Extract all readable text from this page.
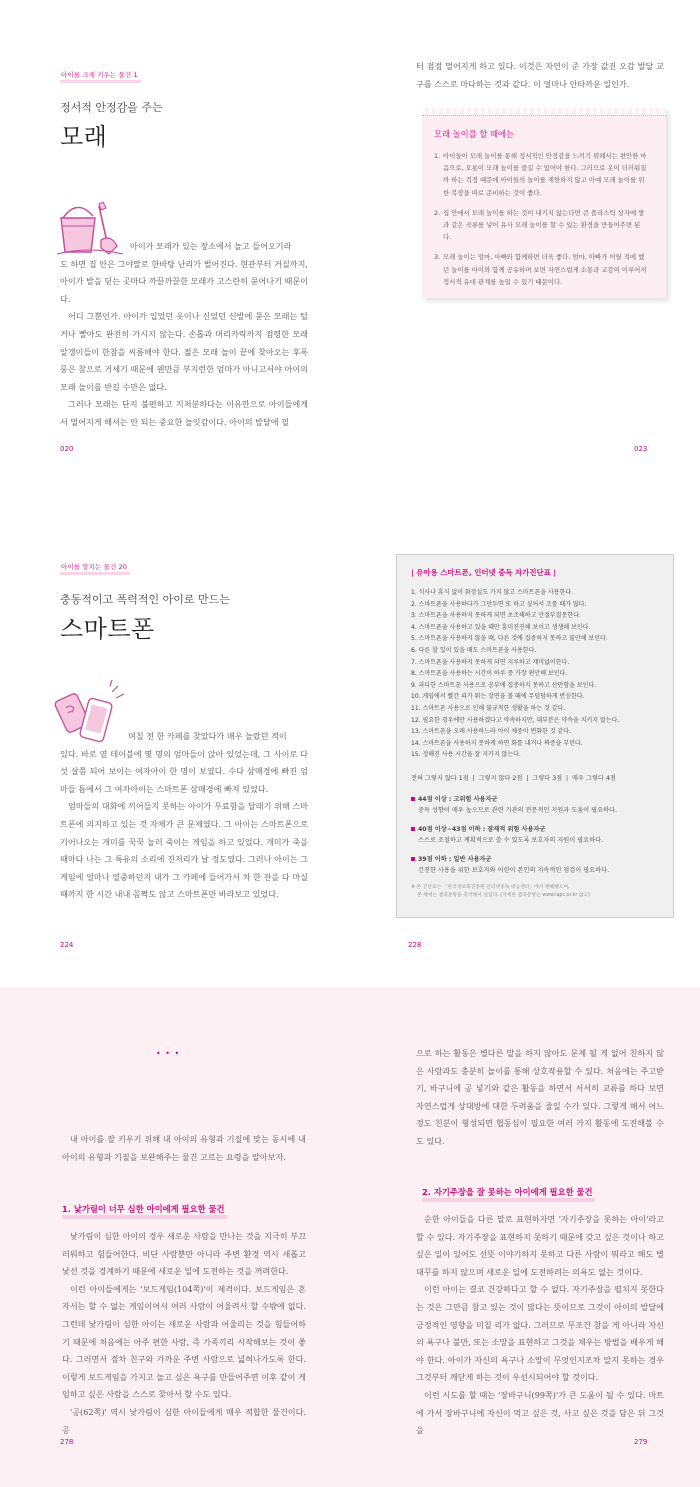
아이를 크게 키우는 물건 1
정서적 안정감을 주는
모래
아이가 모래가 있는 장소에서 놀고 들어오기라
도 하면 집 안은 그야말로 한바탕 난리가 벌어진다. 현관부터 거실까지, 아이가 발을 딛는 곳마다 까끌까끌한 모래가 고스란히 묻어나기 때문이다.

어디 그뿐인가. 아이가 입었던 옷이나 신었던 신발에 묻은 모래는 털거나 빨아도 완전히 가시지 않는다. 손톱과 머리카락까지 점령한 모래 알갱이들이 한참을 씨름해야 한다. 젊은 모래 놀이 끝에 찾아오는 후폭풍은 참으로 거세기 때문에 웬만큼 부지런한 엄마가 아니고서야 아이의 모래 놀이를 반길 수만은 없다.

그러나 모래는 단지 불편하고 지저분하다는 이유만으로 아이들에게서 멀어지게 해서는 안 되는 중요한 놀잇감이다. 아이의 발달에 필

020
터 점점 멀어지게 하고 있다. 이것은 자연이 준 가장 값진 오감 발달 교구를 스스로 마다하는 것과 같다. 이 얼마나 안타까운 일인가.
모래 놀이를 할 때에는
1. 아이들이 모래 놀이를 통해 정서적인 안정감을 느끼기 위해서는 편안한 마음으로, 오롯이 모래 놀이를 즐길 수 있어야 한다. 그러므로 옷이 더러워질까 하는 걱정 때문에 아이들의 놀이를 제한하지 않고 아예 모래 놀이를 위한 복장을 따로 준비하는 것이 좋다.
2. 집 안에서 모래 놀이를 하는 것이 내키지 않는다면 큰 플라스틱 상자에 쌀과 같은 곡류를 넣어 유사 모래 놀이를 할 수 있는 환경을 만들어주면 된다.
3. 모래 놀이는 엄마, 아빠와 함께하면 더욱 좋다. 엄마, 아빠가 어릴 적에 했던 놀이를 아이와 함께 공유하며 보면 자연스럽게 소통과 교감이 이루어져 정서적 유대 관계를 높일 수 있기 때문이다.
023
아이를 망치는 물건 20
충동적이고 폭력적인 아이로 만드는
스마트폰
며칠 전 한 카페를 찾았다가 매우 놀랐던 적이
있다. 바로 옆 테이블에 몇 명의 엄마들이 앉아 있었는데, 그 사이로 다섯 살쯤 되어 보이는 여자아이 한 명이 보였다. 수다 삼매경에 빠진 엄마들 틈에서 그 여자아이는 스마트폰 삼매경에 빠져 있었다.

엄마들의 대화에 끼어들지 못하는 아이가 무료함을 달래기 위해 스마트폰에 의지하고 있는 것 자체가 큰 문제였다. 그 아이는 스마트폰으로 기어나오는 개미를 꾹꾹 눌러 죽이는 게임을 하고 있었다. 개미가 죽을 때마다 나는 그 특유의 소리에 진저리가 날 정도였다. 그러나 아이는 그 게임에 얼마나 열중하던지 내가 그 카페에 들어가서 차 한 잔을 다 마실 때까지 한 시간 내내 꼼짝도 않고 스마트폰만 바라보고 있었다.

224
| 유아용 스마트폰, 인터넷 중독 자가진단표 |
1. 식사나 휴식 없이 화장실도 가지 않고 스마트폰을 사용한다.
2. 스마트폰을 사용하다가 그만두면 또 하고 싶어서 조를 때가 많다.
3. 스마트폰을 사용하지 못하게 되면 초조해하고 안절부절못한다.
4. 스마트폰을 사용하고 있을 때만 흥미진진해 보이고 생생해 보인다.
5. 스마트폰을 사용하지 않을 때, 다른 것에 집중하지 못하고 불안해 보인다.
6. 다른 할 일이 있을 때도 스마트폰을 사용한다.
7. 스마트폰을 사용하지 못하게 되면 지루하고 재미없어한다.
8. 스마트폰을 사용하는 시간이 하루 중 가장 편안해 보인다.
9. 과다한 스마트폰 사용으로 공부에 집중하지 못하고 산만함을 보인다.
10. 게임에서 빨간 피가 튀는 장면을 볼 때에 무덤덤하게 반응한다.
11. 스마트폰 사용으로 인해 불규칙한 생활을 하는 것 같다.
12. 필요한 경우에만 사용하겠다고 약속하지만, 대부분은 약속을 지키지 않는다.
13. 스마트폰을 오래 사용하느라 아이 체중이 변화한 것 같다.
14. 스마트폰을 사용하지 못하게 하면 화를 내거나 짜증을 부린다.
15. 정해진 사용 시간을 잘 지키지 않는다.
전혀 그렇지 않다 1점  |  그렇지 않다 2점  |  그렇다 3점  |  매우 그렇다 4점
44점 이상 : 고위험 사용자군
중독 성향이 매우 높으므로 관련 기관의 전문적인 지원과 도움이 필요하다.
40점 이상~43점 이하 : 잠재적 위험 사용자군
스스로 조절하고 계획적으로 쓸 수 있도록 보호자의 지원이 필요하다.
39점 이하 : 일반 사용자군
건전한 사용을 위한 보호자와 어린이 본인의 지속적인 점검이 필요하다.
※ 본 진단표는 「한국정보화진흥원 인터넷중독 대응센터」에서 발췌했으며,
본 책에는 결과문항을 축약해서 실었다. (자세한 결과문항은 www.iapc.or.kr 참고)
228
• • •
내 아이를 잘 키우기 위해 내 아이의 유형과 기질에 맞는 동시에 내 아이의 유형과 기질을 보완해주는 물건 고르는 요령을 알아보자.
1. 낯가림이 너무 심한 아이에게 필요한 물건

낯가림이 심한 아이의 경우 새로운 사람을 만나는 것을 지극히 부끄러워하고 힘들어한다. 비단 사람뿐만 아니라 주변 환경 역시 새롭고 낯선 것을 경계하기 때문에 새로운 일에 도전하는 것을 꺼려한다.

이런 아이들에게는 '보드게임(104쪽)'이 제격이다. 보드게임은 혼자서는 할 수 없는 게임이어서 여러 사람이 어울려서 할 수밖에 없다. 그런데 낯가림이 심한 아이는 새로운 사람과 어울리는 것을 힘들어하기 때문에 처음에는 아주 편한 사람, 즉 가족끼리 시작해보는 것이 좋다. 그러면서 점차 친구와 가까운 주변 사람으로 넓혀나가도록 한다. 이렇게 보드게임을 가지고 놀고 싶은 욕구를 만들어주면 이후 같이 게임하고 싶은 사람을 스스로 찾아서 할 수도 있다.

'공(62쪽)' 역시 낯가림이 심한 아이들에게 매우 적합한 물건이다. 공

278
으로 하는 활동은 별다른 말을 하지 않아도 문제 될 게 없어 친하지 않은 사람과도 충분히 놀이를 통해 상호작용할 수 있다. 처음에는 주고받기, 바구니에 공 넣기와 같은 활동을 하면서 서서히 교류를 하다 보면 자연스럽게 상대방에 대한 두려움을 줄일 수가 있다. 그렇게 해서 어느 정도 친분이 형성되면 협동심이 필요한 여러 가지 활동에 도전해볼 수도 있다.
2. 자기주장을 잘 못하는 아이에게 필요한 물건

순한 아이들을 다른 말로 표현하자면 '자기주장을 못하는 아이'라고 할 수 있다. 자기주장을 표현하지 못하기 때문에 갖고 싶은 것이나 하고 싶은 일이 있어도 선뜻 이야기하지 못하고 다른 사람이 뭐라고 해도 별 대꾸를 하지 않으며 새로운 일에 도전하려는 의욕도 없는 것이다.

이런 아이는 결코 건강하다고 할 수 없다. 자기주장을 펼치지 못한다는 것은 그만큼 참고 있는 것이 많다는 뜻이므로 그것이 아이의 발달에 긍정적인 영향을 미칠 리가 없다. 그러므로 무조건 참을 게 아니라 자신의 욕구나 불만, 또는 소망을 표현하고 그것을 채우는 방법을 배우게 해야 한다. 아이가 자신의 욕구나 소망이 무엇인지조차 알지 못하는 경우 그것부터 깨닫게 하는 것이 우선시되어야 할 것이다.

이런 시도를 할 때는 '장바구니(99쪽)'가 큰 도움이 될 수 있다. 마트에 가서 장바구니에 자신이 먹고 싶은 것, 사고 싶은 것을 담은 뒤 그것을

279
